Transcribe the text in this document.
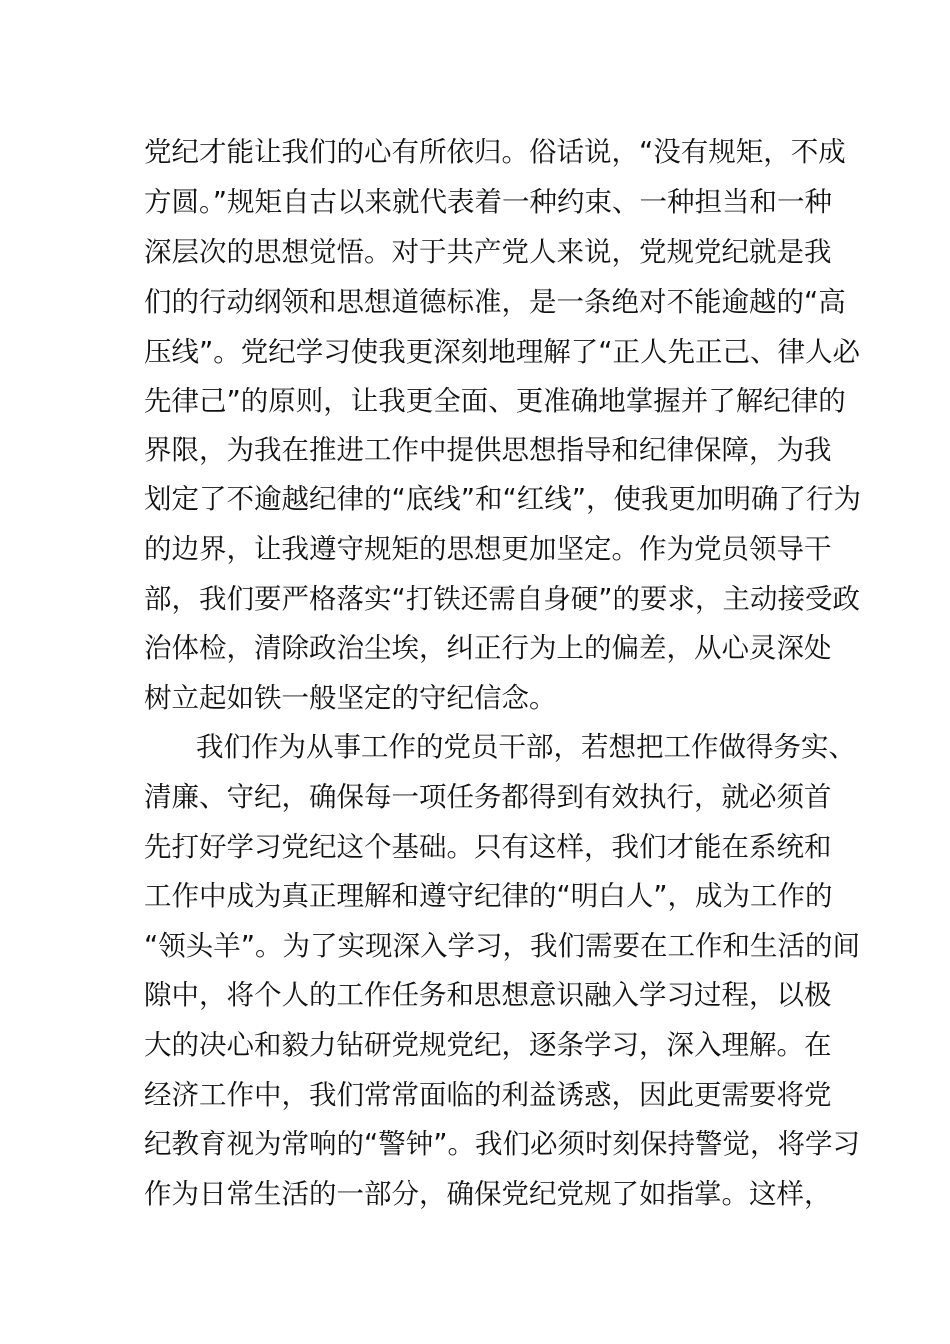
党纪才能让我们的心有所依归。俗话说，“没有规矩，不成
方圆。”规矩自古以来就代表着一种约束、一种担当和一种
深层次的思想觉悟。对于共产党人来说，党规党纪就是我
们的行动纲领和思想道德标准，是一条绝对不能逾越的“高
压线”。党纪学习使我更深刻地理解了“正人先正己、律人必
先律己”的原则，让我更全面、更准确地掌握并了解纪律的
界限，为我在推进工作中提供思想指导和纪律保障，为我
划定了不逾越纪律的“底线”和“红线”，使我更加明确了行为
的边界，让我遵守规矩的思想更加坚定。作为党员领导干
部，我们要严格落实“打铁还需自身硬”的要求，主动接受政
治体检，清除政治尘埃，纠正行为上的偏差，从心灵深处
树立起如铁一般坚定的守纪信念。
我们作为从事工作的党员干部，若想把工作做得务实、
清廉、守纪，确保每一项任务都得到有效执行，就必须首
先打好学习党纪这个基础。只有这样，我们才能在系统和
工作中成为真正理解和遵守纪律的“明白人”，成为工作的
“领头羊”。为了实现深入学习，我们需要在工作和生活的间
隙中，将个人的工作任务和思想意识融入学习过程，以极
大的决心和毅力钻研党规党纪，逐条学习，深入理解。在
经济工作中，我们常常面临的利益诱惑，因此更需要将党
纪教育视为常响的“警钟”。我们必须时刻保持警觉，将学习
作为日常生活的一部分，确保党纪党规了如指掌。这样，
